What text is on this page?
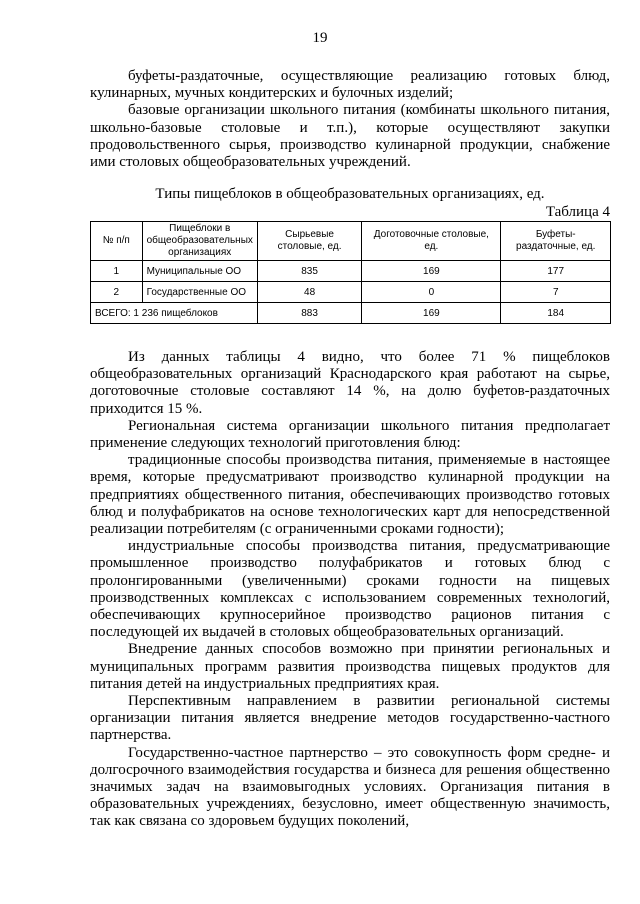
19

буфеты-раздаточные, осуществляющие реализацию готовых блюд, кулинарных, мучных кондитерских и булочных изделий;

базовые организации школьного питания (комбинаты школьного питания, школьно-базовые столовые и т.п.), которые осуществляют закупки продовольственного сырья, производство кулинарной продукции, снабжение ими столовых общеобразовательных учреждений.

Типы пищеблоков в общеобразовательных организациях, ед.
Таблица 4
№ п/п	Пищеблоки в общеобразовательных организациях	Сырьевые столовые, ед.	Доготовочные столовые, ед.	Буфеты-раздаточные, ед.
1	Муниципальные ОО	835	169	177
2	Государственные ОО	48	0	7
ВСЕГО: 1 236 пищеблоков		883	169	184

Из данных таблицы 4 видно, что более 71 % пищеблоков общеобразовательных организаций Краснодарского края работают на сырье, доготовочные столовые составляют 14 %, на долю буфетов-раздаточных приходится 15 %.

Региональная система организации школьного питания предполагает применение следующих технологий приготовления блюд:

традиционные способы производства питания, применяемые в настоящее время, которые предусматривают производство кулинарной продукции на предприятиях общественного питания, обеспечивающих производство готовых блюд и полуфабрикатов на основе технологических карт для непосредственной реализации потребителям (с ограниченными сроками годности);

индустриальные способы производства питания, предусматривающие промышленное производство полуфабрикатов и готовых блюд с пролонгированными (увеличенными) сроками годности на пищевых производственных комплексах с использованием современных технологий, обеспечивающих крупносерийное производство рационов питания с последующей их выдачей в столовых общеобразовательных организаций.

Внедрение данных способов возможно при принятии региональных и муниципальных программ развития производства пищевых продуктов для питания детей на индустриальных предприятиях края.

Перспективным направлением в развитии региональной системы организации питания является внедрение методов государственно-частного партнерства.

Государственно-частное партнерство – это совокупность форм средне- и долгосрочного взаимодействия государства и бизнеса для решения общественно значимых задач на взаимовыгодных условиях. Организация питания в образовательных учреждениях, безусловно, имеет общественную значимость, так как связана со здоровьем будущих поколений,
